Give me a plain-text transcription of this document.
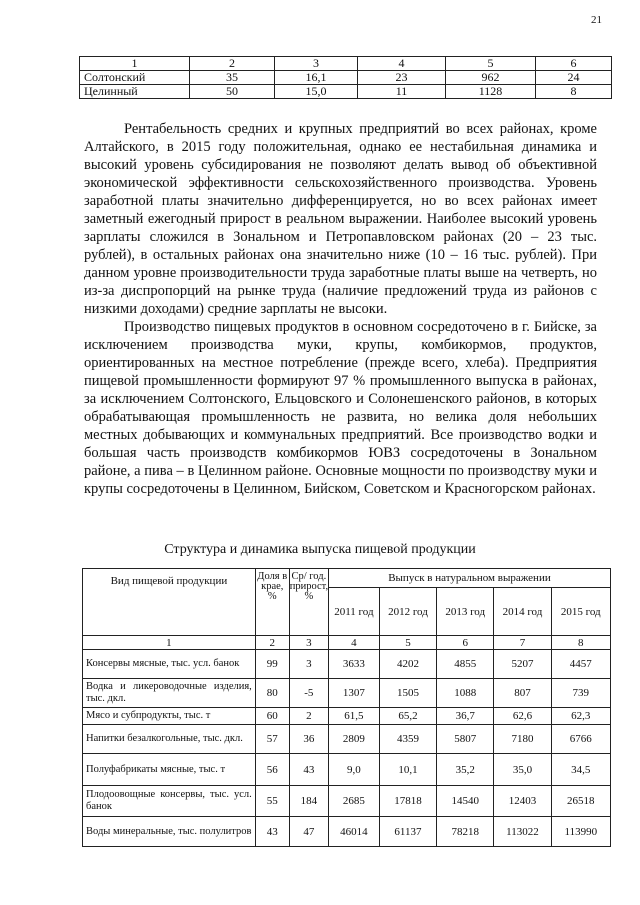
21
1	2	3	4	5	6
Солтонский	35	16,1	23	962	24
Целинный	50	15,0	11	1128	8

Рентабельность средних и крупных предприятий во всех районах, кроме Алтайского, в 2015 году положительная, однако ее нестабильная динамика и высокий уровень субсидирования не позволяют делать вывод об объективной экономической эффективности сельскохозяйственного производства. Уровень заработной платы значительно дифференцируется, но во всех районах имеет заметный ежегодный прирост в реальном выражении. Наиболее высокий уровень зарплаты сложился в Зональном и Петропавловском районах (20 – 23 тыс. рублей), в остальных районах она значительно ниже (10 – 16 тыс. рублей). При данном уровне производительности труда заработные платы выше на четверть, но из-за диспропорций на рынке труда (наличие предложений труда из районов с низкими доходами) средние зарплаты не высоки.

Производство пищевых продуктов в основном сосредоточено в г. Бийске, за исключением производства муки, крупы, комбикормов, продуктов, ориентированных на местное потребление (прежде всего, хлеба). Предприятия пищевой промышленности формируют 97 % промышленного выпуска в районах, за исключением Солтонского, Ельцовского и Солонешенского районов, в которых обрабатывающая промышленность не развита, но велика доля небольших местных добывающих и коммунальных предприятий. Все производство водки и большая часть производств комбикормов ЮВЗ сосредоточены в Зональном районе, а пива – в Целинном районе. Основные мощности по производству муки и крупы сосредоточены в Целинном, Бийском, Советском и Красногорском районах.

Структура и динамика выпуска пищевой продукции
Вид пищевой продукции	Доля в крае, %	Ср/ год. прирост, %	Выпуск в натуральном выражении				
			2011 год	2012 год	2013 год	2014 год	2015 год
1	2	3	4	5	6	7	8
Консервы мясные, тыс. усл. банок	99	3	3633	4202	4855	5207	4457
Водка и ликероводочные изделия, тыс. дкл.	80	-5	1307	1505	1088	807	739
Мясо и субпродукты, тыс. т	60	2	61,5	65,2	36,7	62,6	62,3
Напитки безалкогольные, тыс. дкл.	57	36	2809	4359	5807	7180	6766
Полуфабрикаты мясные, тыс. т	56	43	9,0	10,1	35,2	35,0	34,5
Плодоовощные консервы, тыс. усл. банок	55	184	2685	17818	14540	12403	26518
Воды минеральные, тыс. полулитров	43	47	46014	61137	78218	113022	113990
